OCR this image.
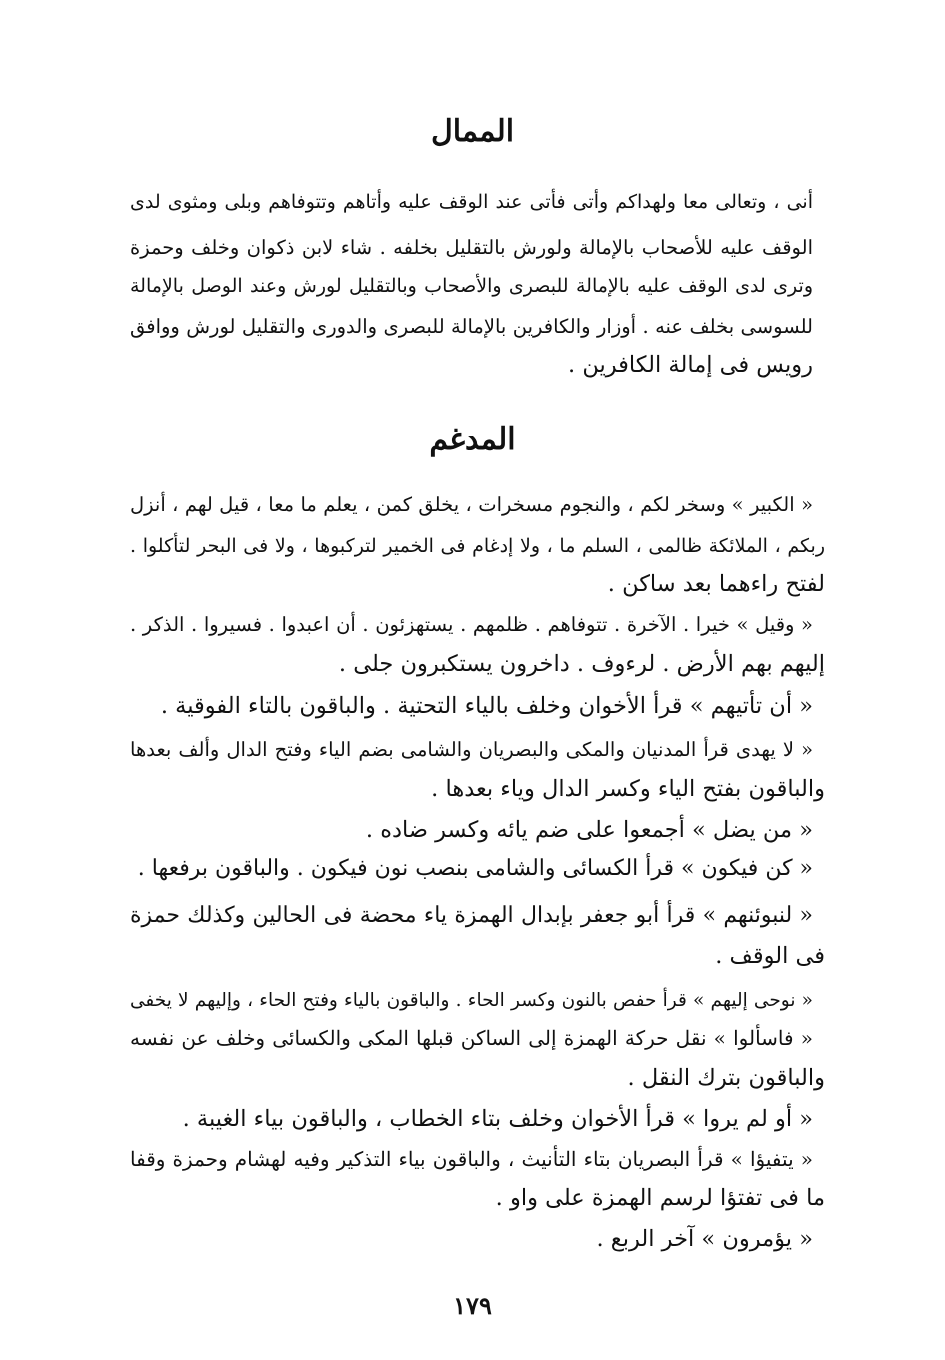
الممال
أنى ، وتعالى معا ولهداكم وأتى فأتى عند الوقف عليه وأتاهم وتتوفاهم وبلى ومثوى لدى
الوقف عليه للأصحاب بالإمالة ولورش بالتقليل بخلفه . شاء لابن ذكوان وخلف وحمزة
وترى لدى الوقف عليه بالإمالة للبصرى والأصحاب وبالتقليل لورش وعند الوصل بالإمالة
للسوسى بخلف عنه . أوزار والكافرين بالإمالة للبصرى والدورى والتقليل لورش ووافق
رويس فى إمالة الكافرين .
المدغم
« الكبير » وسخر لكم ، والنجوم مسخرات ، يخلق كمن ، يعلم ما معا ، قيل لهم ، أنزل
ربكم ، الملائكة ظالمى ، السلم ما ، ولا إدغام فى الخمير لتركبوها ، ولا فى البحر لتأكلوا .
لفتح راءهما بعد ساكن .
« وقيل » خيرا . الآخرة . تتوفاهم . ظلمهم . يستهزئون . أن اعبدوا . فسيروا . الذكر .
إليهم بهم الأرض . لرءوف . داخرون يستكبرون جلى .
« أن تأتيهم » قرأ الأخوان وخلف بالياء التحتية . والباقون بالتاء الفوقية .
« لا يهدى قرأ المدنيان والمكى والبصريان والشامى بضم الياء وفتح الدال وألف بعدها
والباقون بفتح الياء وكسر الدال وياء بعدها .
« من يضل » أجمعوا على ضم يائه وكسر ضاده .
« كن فيكون » قرأ الكسائى والشامى بنصب نون فيكون . والباقون برفعها .
« لنبوئنهم » قرأ أبو جعفر بإبدال الهمزة ياء محضة فى الحالين وكذلك حمزة
فى الوقف .
« نوحى إليهم » قرأ حفص بالنون وكسر الحاء . والباقون بالياء وفتح الحاء ، وإليهم لا يخفى
« فاسألوا » نقل حركة الهمزة إلى الساكن قبلها المكى والكسائى وخلف عن نفسه
والباقون بترك النقل .
« أو لم يروا » قرأ الأخوان وخلف بتاء الخطاب ، والباقون بياء الغيبة .
« يتفيؤا » قرأ البصريان بتاء التأنيث ، والباقون بياء التذكير وفيه لهشام وحمزة وقفا
ما فى تفتؤا لرسم الهمزة على واو .
« يؤمرون » آخر الربع .
١٧٩
